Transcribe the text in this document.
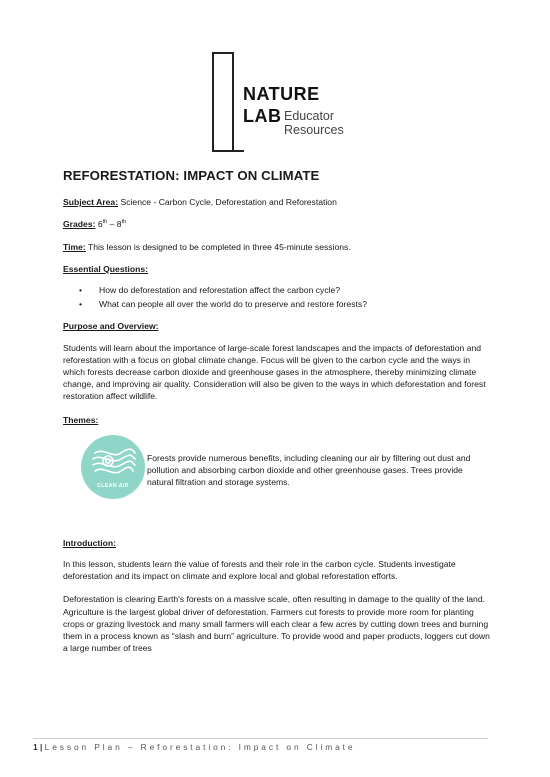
NATURE
LAB Educator
Resources
REFORESTATION: IMPACT ON CLIMATE
Subject Area: Science - Carbon Cycle, Deforestation and Reforestation
Grades: 6th – 8th
Time: This lesson is designed to be completed in three 45-minute sessions.
Essential Questions:
• How do deforestation and reforestation affect the carbon cycle?
• What can people all over the world do to preserve and restore forests?
Purpose and Overview:

Students will learn about the importance of large-scale forest landscapes and the impacts of deforestation and reforestation with a focus on global climate change. Focus will be given to the carbon cycle and the ways in which forests decrease carbon dioxide and greenhouse gases in the atmosphere, thereby minimizing climate change, and improving air quality. Consideration will also be given to the ways in which deforestation and forest restoration affect wildlife.

Themes:
CLEAN AIR
Forests provide numerous benefits, including cleaning our air by filtering out dust and pollution and absorbing carbon dioxide and other greenhouse gases. Trees provide natural filtration and storage systems.
Introduction:

In this lesson, students learn the value of forests and their role in the carbon cycle. Students investigate deforestation and its impact on climate and explore local and global reforestation efforts.

Deforestation is clearing Earth's forests on a massive scale, often resulting in damage to the quality of the land. Agriculture is the largest global driver of deforestation. Farmers cut forests to provide more room for planting crops or grazing livestock and many small farmers will each clear a few acres by cutting down trees and burning them in a process known as “slash and burn” agriculture. To provide wood and paper products, loggers cut down a large number of trees

1 | Lesson Plan – Reforestation: Impact on Climate
